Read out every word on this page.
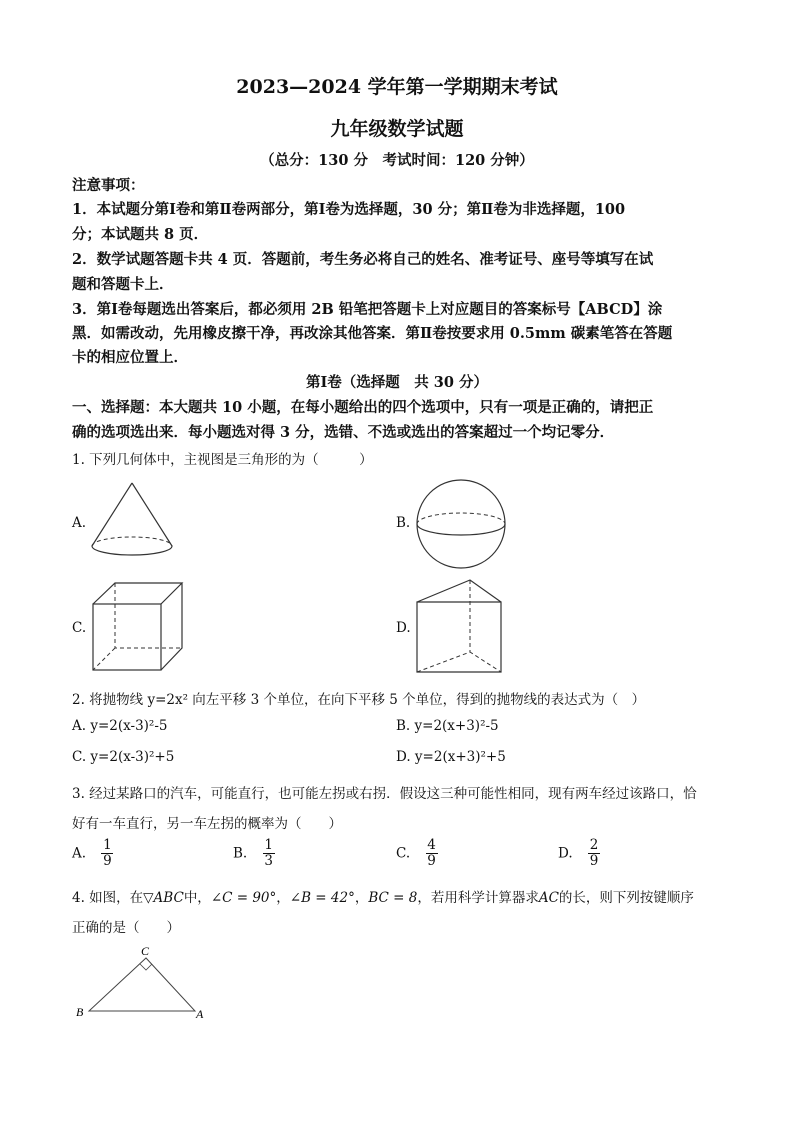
2023—2024 学年第一学期期末考试
九年级数学试题
（总分：130 分　考试时间：120 分钟）
注意事项：
1．本试题分第Ⅰ卷和第Ⅱ卷两部分，第Ⅰ卷为选择题，30 分；第Ⅱ卷为非选择题，100
分；本试题共 8 页．
2．数学试题答题卡共 4 页．答题前，考生务必将自己的姓名、准考证号、座号等填写在试
题和答题卡上．
3．第Ⅰ卷每题选出答案后，都必须用 2B 铅笔把答题卡上对应题目的答案标号【ABCD】涂
黑．如需改动，先用橡皮擦干净，再改涂其他答案．第Ⅱ卷按要求用 0.5mm 碳素笔答在答题
卡的相应位置上．
第Ⅰ卷（选择题　共 30 分）
一、选择题：本大题共 10 小题，在每小题给出的四个选项中，只有一项是正确的，请把正
确的选项选出来．每小题选对得 3 分，选错、不选或选出的答案超过一个均记零分．
1. 下列几何体中，主视图是三角形的为（　　　）
A.	B.
C.	D.
2. 将抛物线 y=2x² 向左平移 3 个单位，在向下平移 5 个单位，得到的抛物线的表达式为（　）
A. y=2(x-3)²-5	B. y=2(x+3)²-5
C. y=2(x-3)²+5	D. y=2(x+3)²+5
3. 经过某路口的汽车，可能直行，也可能左拐或右拐．假设这三种可能性相同，现有两车经过该路口，恰
好有一车直行，另一车左拐的概率为（　　）
A. $\frac{1}{9}$	B. $\frac{1}{3}$	C. $\frac{4}{9}$	D. $\frac{2}{9}$
4. 如图，在▽ABC中，∠C = 90°，∠B = 42°，BC = 8，若用科学计算器求AC的长，则下列按键顺序
正确的是（　　）
C
B	A
